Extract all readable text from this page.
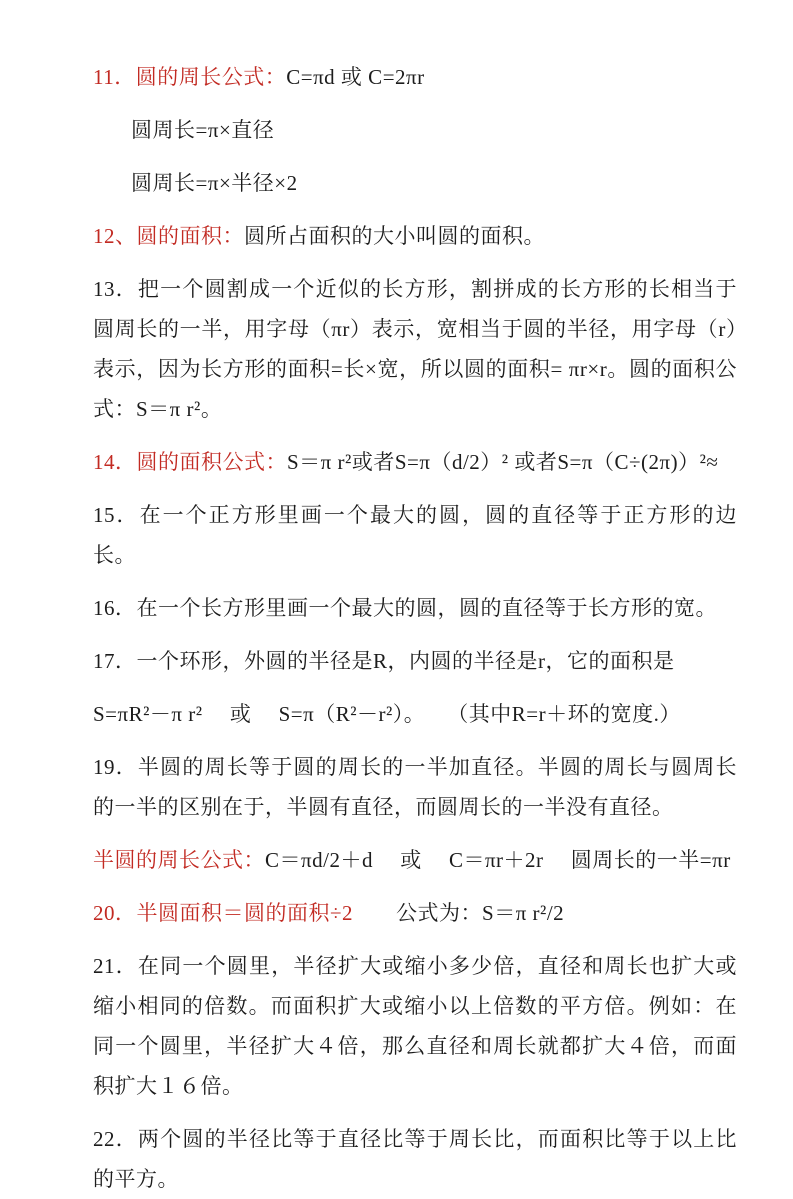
11．圆的周长公式：C=πd 或 C=2πr

圆周长=π×直径

圆周长=π×半径×2

12、圆的面积：圆所占面积的大小叫圆的面积。

13．把一个圆割成一个近似的长方形，割拼成的长方形的长相当于圆周长的一半，用字母（πr）表示，宽相当于圆的半径，用字母（r）表示，因为长方形的面积=长×宽，所以圆的面积= πr×r。圆的面积公式：S＝π r²。

14．圆的面积公式：S＝π r²或者S=π（d/2）² 或者S=π（C÷(2π)）²≈

15．在一个正方形里画一个最大的圆，圆的直径等于正方形的边长。

16．在一个长方形里画一个最大的圆，圆的直径等于长方形的宽。

17．一个环形，外圆的半径是R，内圆的半径是r，它的面积是

S=πR²－π r²　 或 　S=π（R²－r²）。　　（其中R=r＋环的宽度.）

19．半圆的周长等于圆的周长的一半加直径。半圆的周长与圆周长的一半的区别在于，半圆有直径，而圆周长的一半没有直径。

半圆的周长公式：C＝πd/2＋d　 或 　C＝πr＋2r　 圆周长的一半=πr

20．半圆面积＝圆的面积÷2　　公式为：S＝π r²/2

21．在同一个圆里，半径扩大或缩小多少倍，直径和周长也扩大或缩小相同的倍数。而面积扩大或缩小以上倍数的平方倍。例如：在同一个圆里，半径扩大４倍，那么直径和周长就都扩大４倍，而面积扩大１６倍。

22．两个圆的半径比等于直径比等于周长比，而面积比等于以上比的平方。
